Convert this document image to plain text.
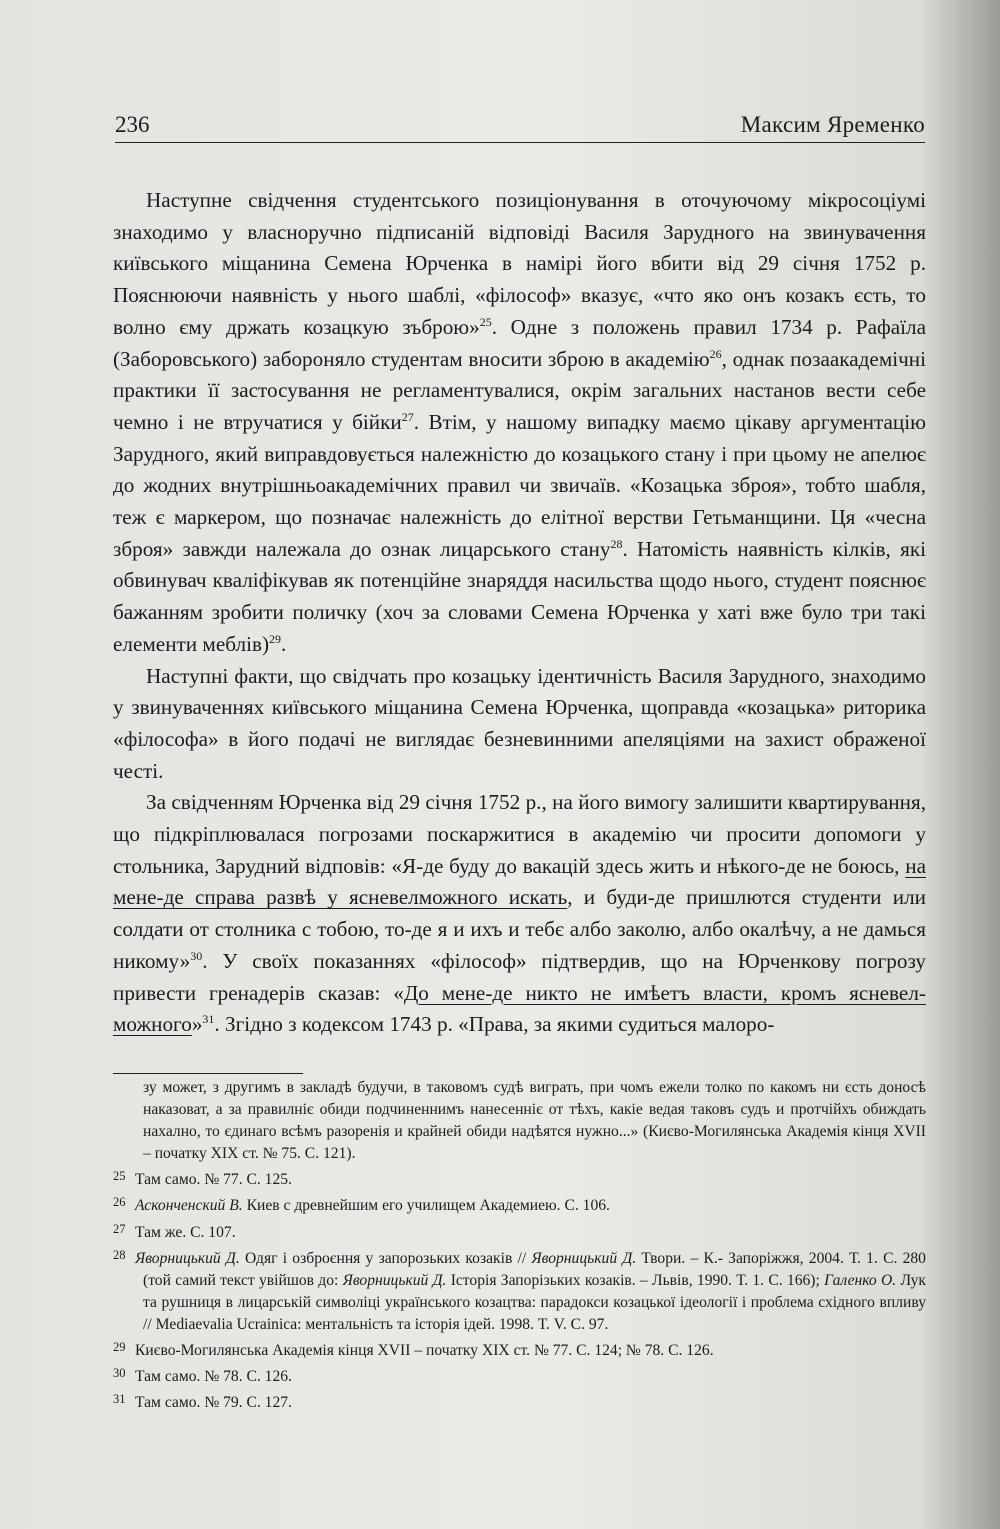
236	Максим Яременко

Наступне свідчення студентського позиціонування в оточуючому мікросоціумі знаходимо у власноручно підписаній відповіді Василя Зарудного на звинувачення київського міщанина Семена Юрченка в намірі його вбити від 29 січня 1752 р. Пояснюючи наявність у нього шаблі, «філософ» вказує, «что яко онъ козакъ єсть, то волно єму држать козацкую зъброю»$^{25}$. Одне з положень правил 1734 р. Рафаїла (Заборовського) забороняло студентам вносити зброю в академію$^{26}$, однак позаакадемічні практики її застосування не регламентувалися, окрім загальних настанов вести себе чемно і не втручатися у бійки$^{27}$. Втім, у нашому випадку маємо цікаву аргументацію Зарудного, який виправдовується належністю до козацького стану і при цьому не апелює до жодних внутрішньоакадемічних правил чи звичаїв. «Козацька зброя», тобто шабля, теж є маркером, що позначає належність до елітної верстви Гетьманщини. Ця «чесна зброя» завжди належала до ознак лицарського стану$^{28}$. Натомість наявність кілків, які обвинувач кваліфікував як потенційне знаряддя насильства щодо нього, студент пояснює бажанням зробити поличку (хоч за словами Семена Юрченка у хаті вже було три такі елементи меблів)$^{29}$.

Наступні факти, що свідчать про козацьку ідентичність Василя Зарудного, знаходимо у звинуваченнях київського міщанина Семена Юрченка, щоправда «козацька» риторика «філософа» в його подачі не виглядає безневинними апеляціями на захист ображеної честі.

За свідченням Юрченка від 29 січня 1752 р., на його вимогу залишити квартирування, що підкріплювалася погрозами поскаржитися в академію чи просити допомоги у стольника, Зарудний відповів: «Я-де буду до вакацій здесь жить и нѣкого-де не боюсь, на мене-де справа развѣ у ясневелможного искать, и буди-де пришлются студенти или солдати от столника с тобою, то-де я и ихъ и тебє албо заколю, албо окалѣчу, а не дамься никому»$^{30}$. У своїх показаннях «філософ» підтвердив, що на Юрченкову погрозу привести гренадерів сказав: «До мене-де никто не имѣетъ власти, кромъ ясневелможного»$^{31}$. Згідно з кодексом 1743 р. «Права, за якими судиться малоро-

зу может, з другимъ в закладѣ будучи, в таковомъ судѣ виграть, при чомъ ежели толко по какомъ ни єсть доносѣ наказоват, а за правилніє обиди подчиненнимъ нанесенніє от тѣхъ, какіе ведая таковъ судъ и протчійхъ обиждать нахално, то єдинаго всѣмъ разоренія и крайней обиди надѣятся нужно...» (Києво-Могилянська Академія кінця XVII – початку XIX ст. № 75. С. 121).

25 Там само. № 77. С. 125.

26 Асконченский В. Киев с древнейшим его училищем Академиею. С. 106.

27 Там же. С. 107.

28 Яворницький Д. Одяг і озброєння у запорозьких козаків // Яворницький Д. Твори. – К.- Запоріжжя, 2004. Т. 1. С. 280 (той самий текст увійшов до: Яворницький Д. Історія Запорізьких козаків. – Львів, 1990. Т. 1. С. 166); Галенко О. Лук та рушниця в лицарській символіці українського козацтва: парадокси козацької ідеології і проблема східного впливу // Mediaevalia Ucrainica: ментальність та історія ідей. 1998. Т. V. С. 97.

29 Києво-Могилянська Академія кінця XVII – початку XIX ст. № 77. С. 124; № 78. С. 126.

30 Там само. № 78. С. 126.

31 Там само. № 79. С. 127.
